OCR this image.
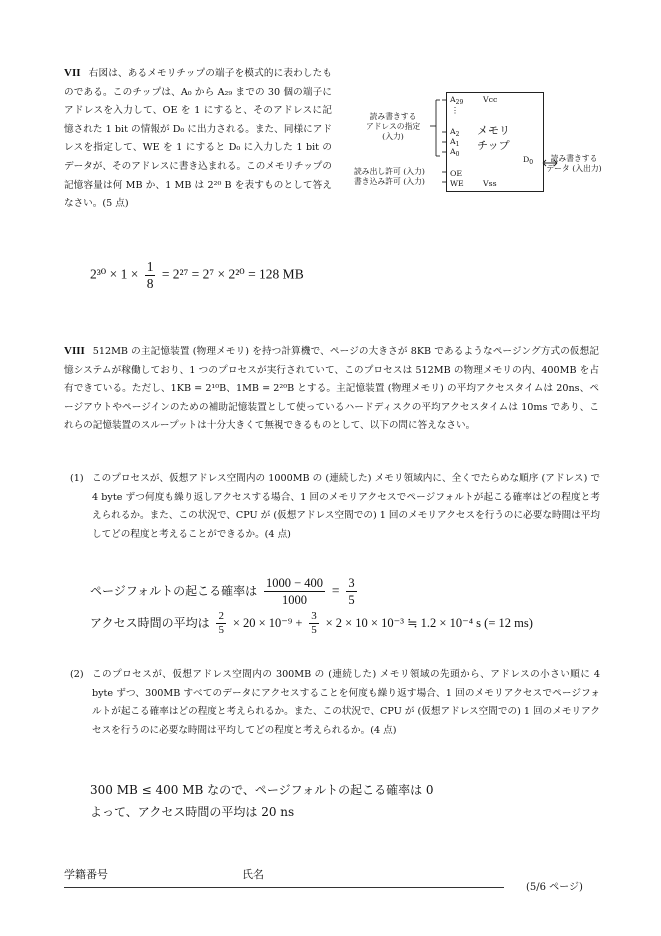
VII 右図は、あるメモリチップの端子を模式的に表わしたものである。このチップは、A₀ から A₂₉ までの 30 個の端子にアドレスを入力して、OE を 1 にすると、そのアドレスに記憶された 1 bit の情報が D₀ に出力される。また、同様にアドレスを指定して、WE を 1 にすると D₀ に入力した 1 bit のデータが、そのアドレスに書き込まれる。このメモリチップの記憶容量は何 MB か、1 MB は 2²⁰ B を表すものとして答えなさい。(5 点)
読み書きする
アドレスの指定
(入力)
読み出し許可 (入力)
書き込み許可 (入力)
$A_{29}$	Vcc
⋮
$A_2$
$A_1$
$A_0$
メモリ
チップ
$D_0$
OE
WE Vss
読み書きする
データ (入出力)
$2^{30} \times 1 \times \frac{1}{8} = 2^{27} = 2^7 \times 2^{20} = 128$ MB
VIII 512MB の主記憶装置 (物理メモリ) を持つ計算機で、ページの大きさが 8KB であるようなページング方式の仮想記憶システムが稼働しており、1 つのプロセスが実行されていて、このプロセスは 512MB の物理メモリの内、400MB を占有できている。ただし、1KB = 2¹⁰B、1MB = 2²⁰B とする。主記憶装置 (物理メモリ) の平均アクセスタイムは 20ns、ページアウトやページインのための補助記憶装置として使っているハードディスクの平均アクセスタイムは 10ms であり、これらの記憶装置のスループットは十分大きくて無視できるものとして、以下の問に答えなさい。
(1) このプロセスが、仮想アドレス空間内の 1000MB の (連続した) メモリ領域内に、全くでたらめな順序 (アドレス) で 4 byte ずつ何度も繰り返しアクセスする場合、1 回のメモリアクセスでページフォルトが起こる確率はどの程度と考えられるか。また、この状況で、CPU が (仮想アドレス空間での) 1 回のメモリアクセスを行うのに必要な時間は平均してどの程度と考えることができるか。(4 点)
ページフォルトの起こる確率は $\frac{1000 - 400}{1000} = \frac{3}{5}$
アクセス時間の平均は $\frac{2}{5} \times 20 \times 10^{-9} + \frac{3}{5} \times 2 \times 10 \times 10^{-3}$ ≒ 1.2 × 10⁻⁴ s (= 12 ms)
(2) このプロセスが、仮想アドレス空間内の 300MB の (連続した) メモリ領域の先頭から、アドレスの小さい順に 4 byte ずつ、300MB すべてのデータにアクセスすることを何度も繰り返す場合、1 回のメモリアクセスでページフォルトが起こる確率はどの程度と考えられるか。また、この状況で、CPU が (仮想アドレス空間での) 1 回のメモリアクセスを行うのに必要な時間は平均してどの程度と考えられるか。(4 点)
300 MB ≤ 400 MB なので、ページフォルトの起こる確率は 0
よって、アクセス時間の平均は 20 ns
学籍番号	氏名
(5/6 ページ)
